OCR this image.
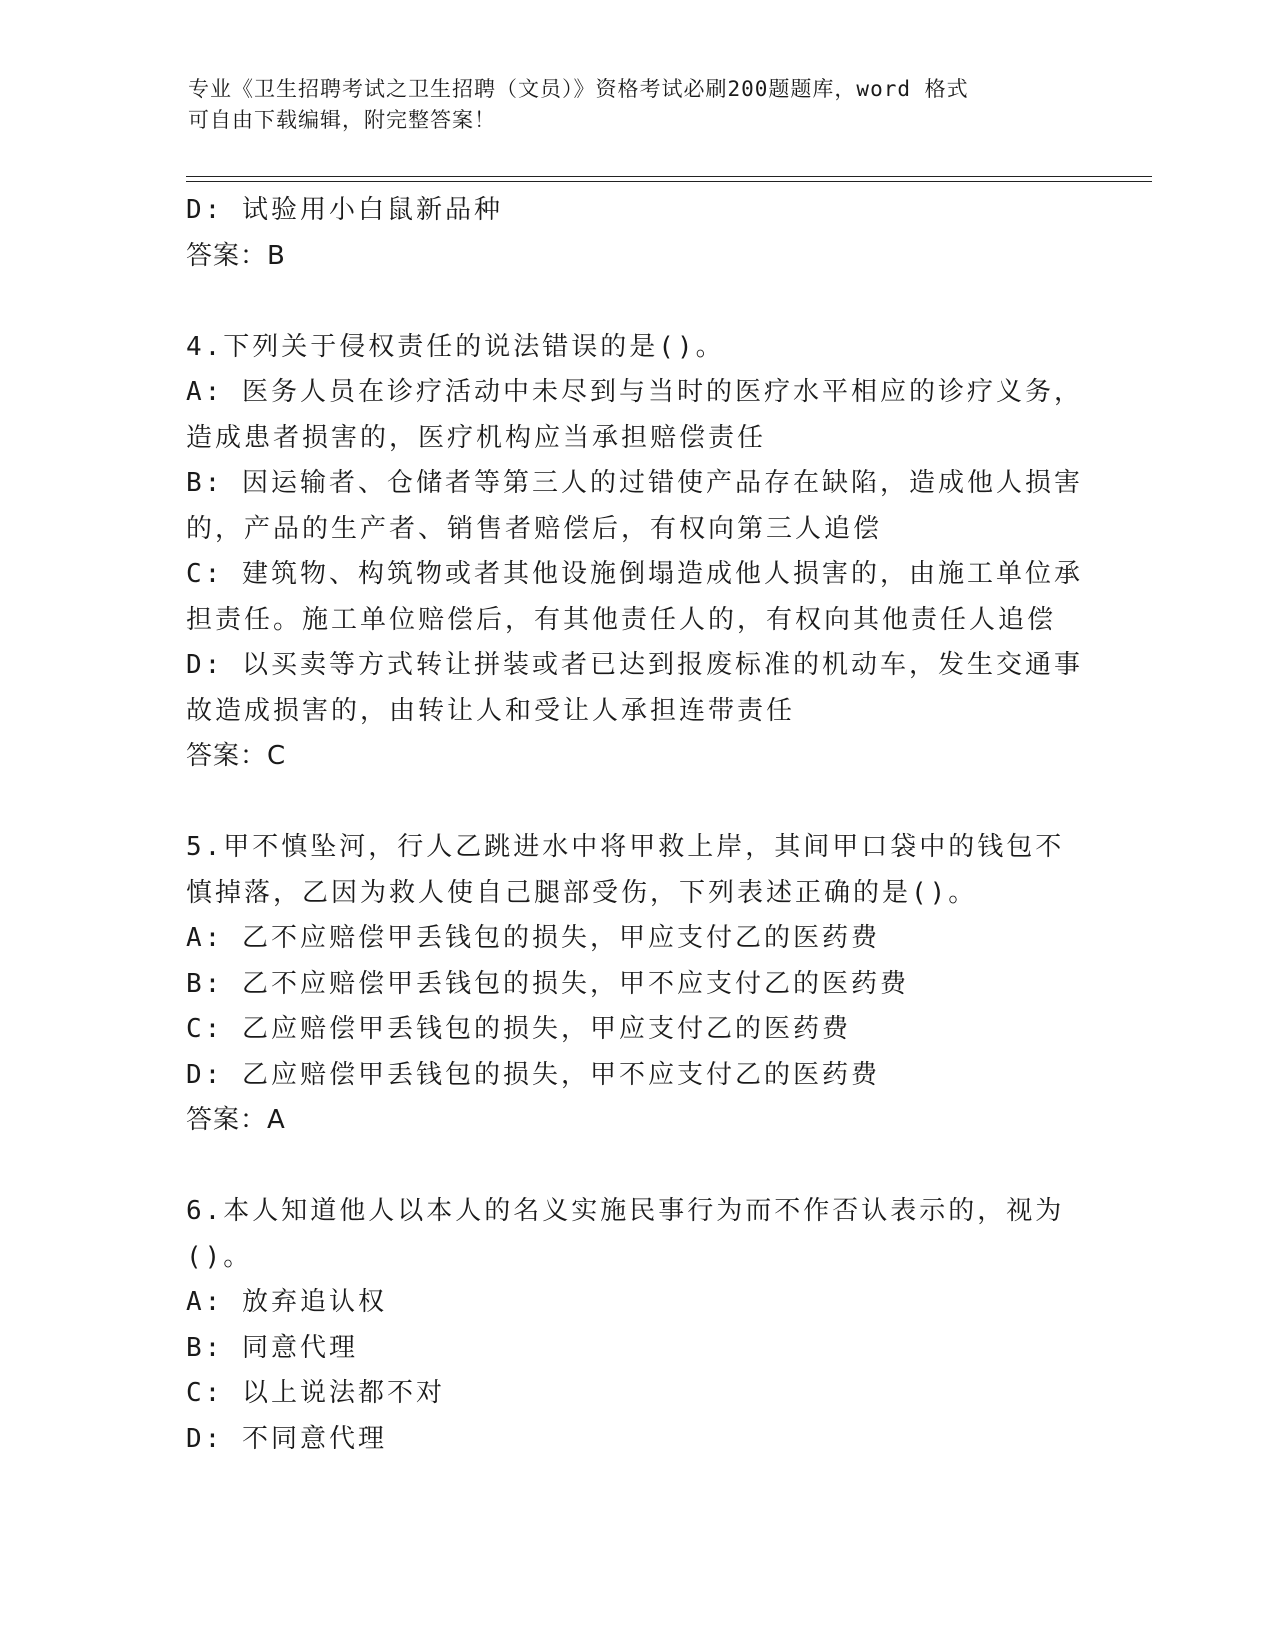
专业《卫生招聘考试之卫生招聘（文员）》资格考试必刷200题题库，word 格式
可自由下载编辑，附完整答案！
D: 试验用小白鼠新品种
答案：B
4.下列关于侵权责任的说法错误的是()。
A: 医务人员在诊疗活动中未尽到与当时的医疗水平相应的诊疗义务，
造成患者损害的，医疗机构应当承担赔偿责任
B: 因运输者、仓储者等第三人的过错使产品存在缺陷，造成他人损害
的，产品的生产者、销售者赔偿后，有权向第三人追偿
C: 建筑物、构筑物或者其他设施倒塌造成他人损害的，由施工单位承
担责任。施工单位赔偿后，有其他责任人的，有权向其他责任人追偿
D: 以买卖等方式转让拼装或者已达到报废标准的机动车，发生交通事
故造成损害的，由转让人和受让人承担连带责任
答案：C
5.甲不慎坠河，行人乙跳进水中将甲救上岸，其间甲口袋中的钱包不
慎掉落，乙因为救人使自己腿部受伤，下列表述正确的是()。
A: 乙不应赔偿甲丢钱包的损失，甲应支付乙的医药费
B: 乙不应赔偿甲丢钱包的损失，甲不应支付乙的医药费
C: 乙应赔偿甲丢钱包的损失，甲应支付乙的医药费
D: 乙应赔偿甲丢钱包的损失，甲不应支付乙的医药费
答案：A
6.本人知道他人以本人的名义实施民事行为而不作否认表示的，视为
()。
A: 放弃追认权
B: 同意代理
C: 以上说法都不对
D: 不同意代理
